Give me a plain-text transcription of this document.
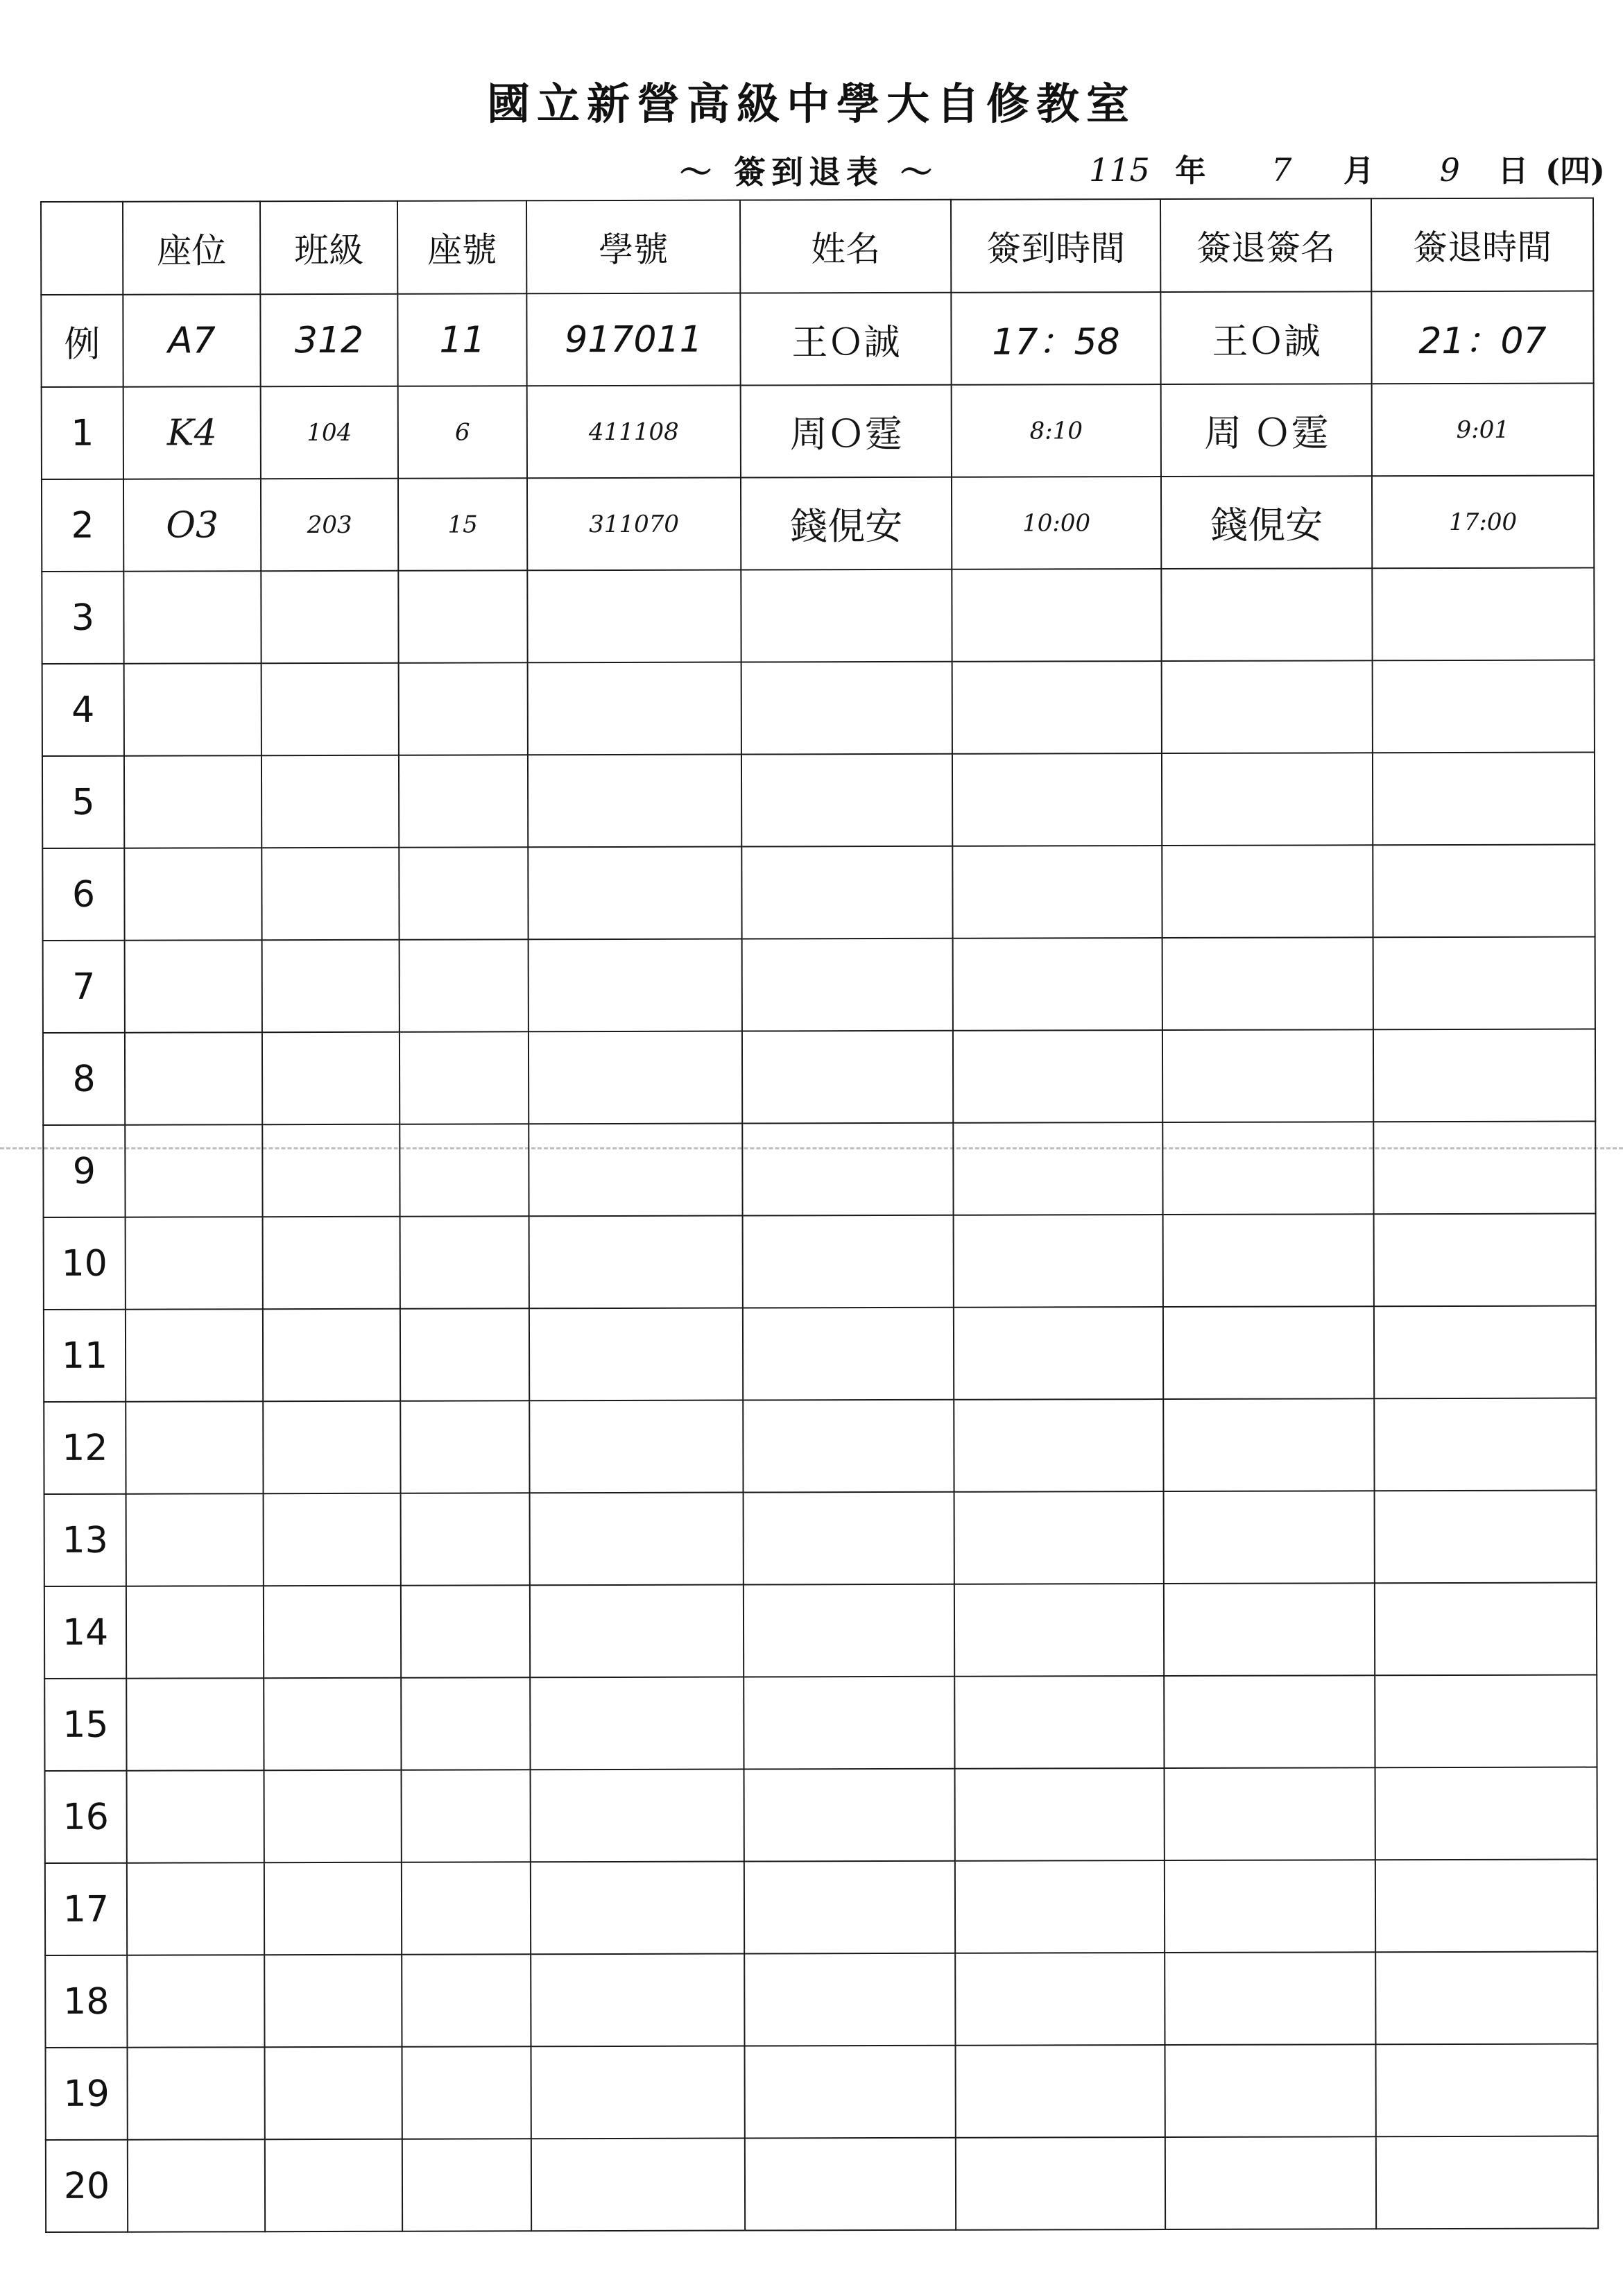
國立新營高級中學大自修教室
～ 簽到退表 ～	115 年 7 月 9 日 (四)
	座位	班級	座號	學號	姓名	簽到時間	簽退簽名	簽退時間
例	A7	312	11	917011	王Ｏ誠	17：58	王Ｏ誠	21：07
1	K4	104	6	411108	周Ｏ霆	8:10	周 Ｏ霆	9:01
2	O3	203	15	311070	錢俔安	10:00	錢俔安	17:00
3								
4								
5								
6								
7								
8								
9								
10								
11								
12								
13								
14								
15								
16								
17								
18								
19								
20								
